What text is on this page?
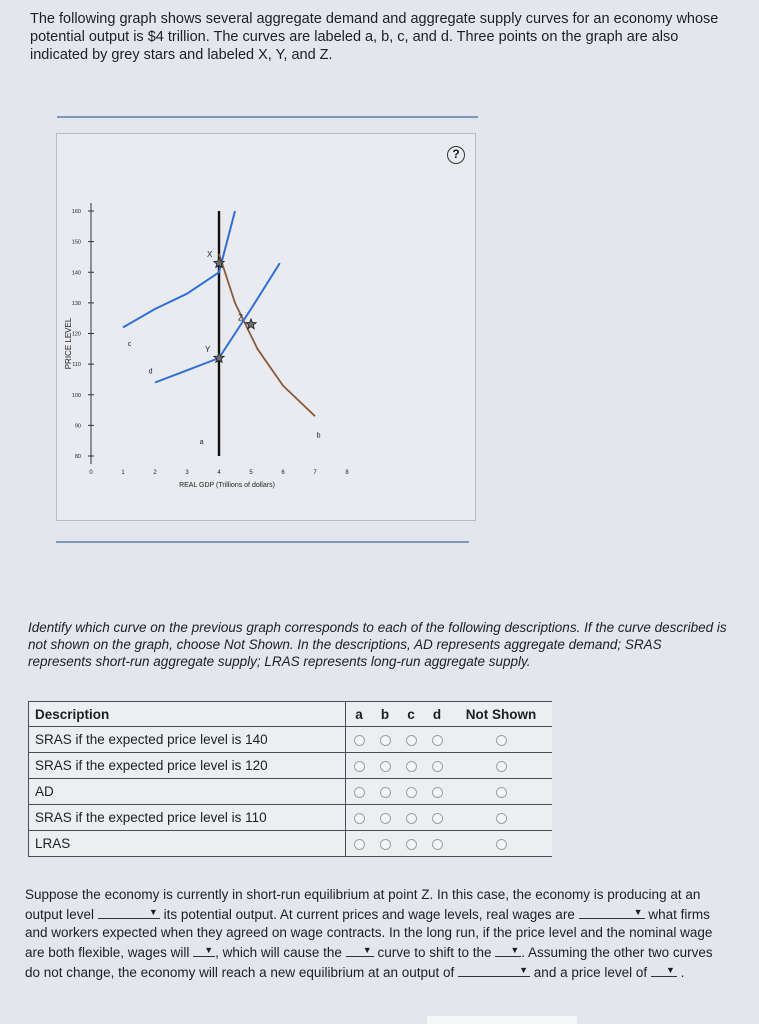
The following graph shows several aggregate demand and aggregate supply curves for an economy whose potential output is $4 trillion. The curves are labeled a, b, c, and d. Three points on the graph are also indicated by grey stars and labeled X, Y, and Z.
?
160
150
140
130
120
110
100
90
80
0	1	2	3	4	5	6	7	8
PRICE LEVEL
REAL GDP (Trillions of dollars)
X
Y
Z
a
b
c
d
Identify which curve on the previous graph corresponds to each of the following descriptions. If the curve described is not shown on the graph, choose Not Shown. In the descriptions, AD represents aggregate demand; SRAS represents short-run aggregate supply; LRAS represents long-run aggregate supply.
Description	a	b	c	d	Not Shown
SRAS if the expected price level is 140					
SRAS if the expected price level is 120					
AD					
SRAS if the expected price level is 110					
LRAS					
Suppose the economy is currently in short-run equilibrium at point Z. In this case, the economy is producing at an output level	▼ its potential output. At current prices and wage levels, real wages are	▼ what firms and workers expected when they agreed on wage contracts. In the long run, if the price level and the nominal wage are both flexible, wages will ▼ , which will cause the ▼ curve to shift to the ▼ . Assuming the other two curves do not change, the economy will reach a new equilibrium at an output of	▼ and a price level of ▼ .
